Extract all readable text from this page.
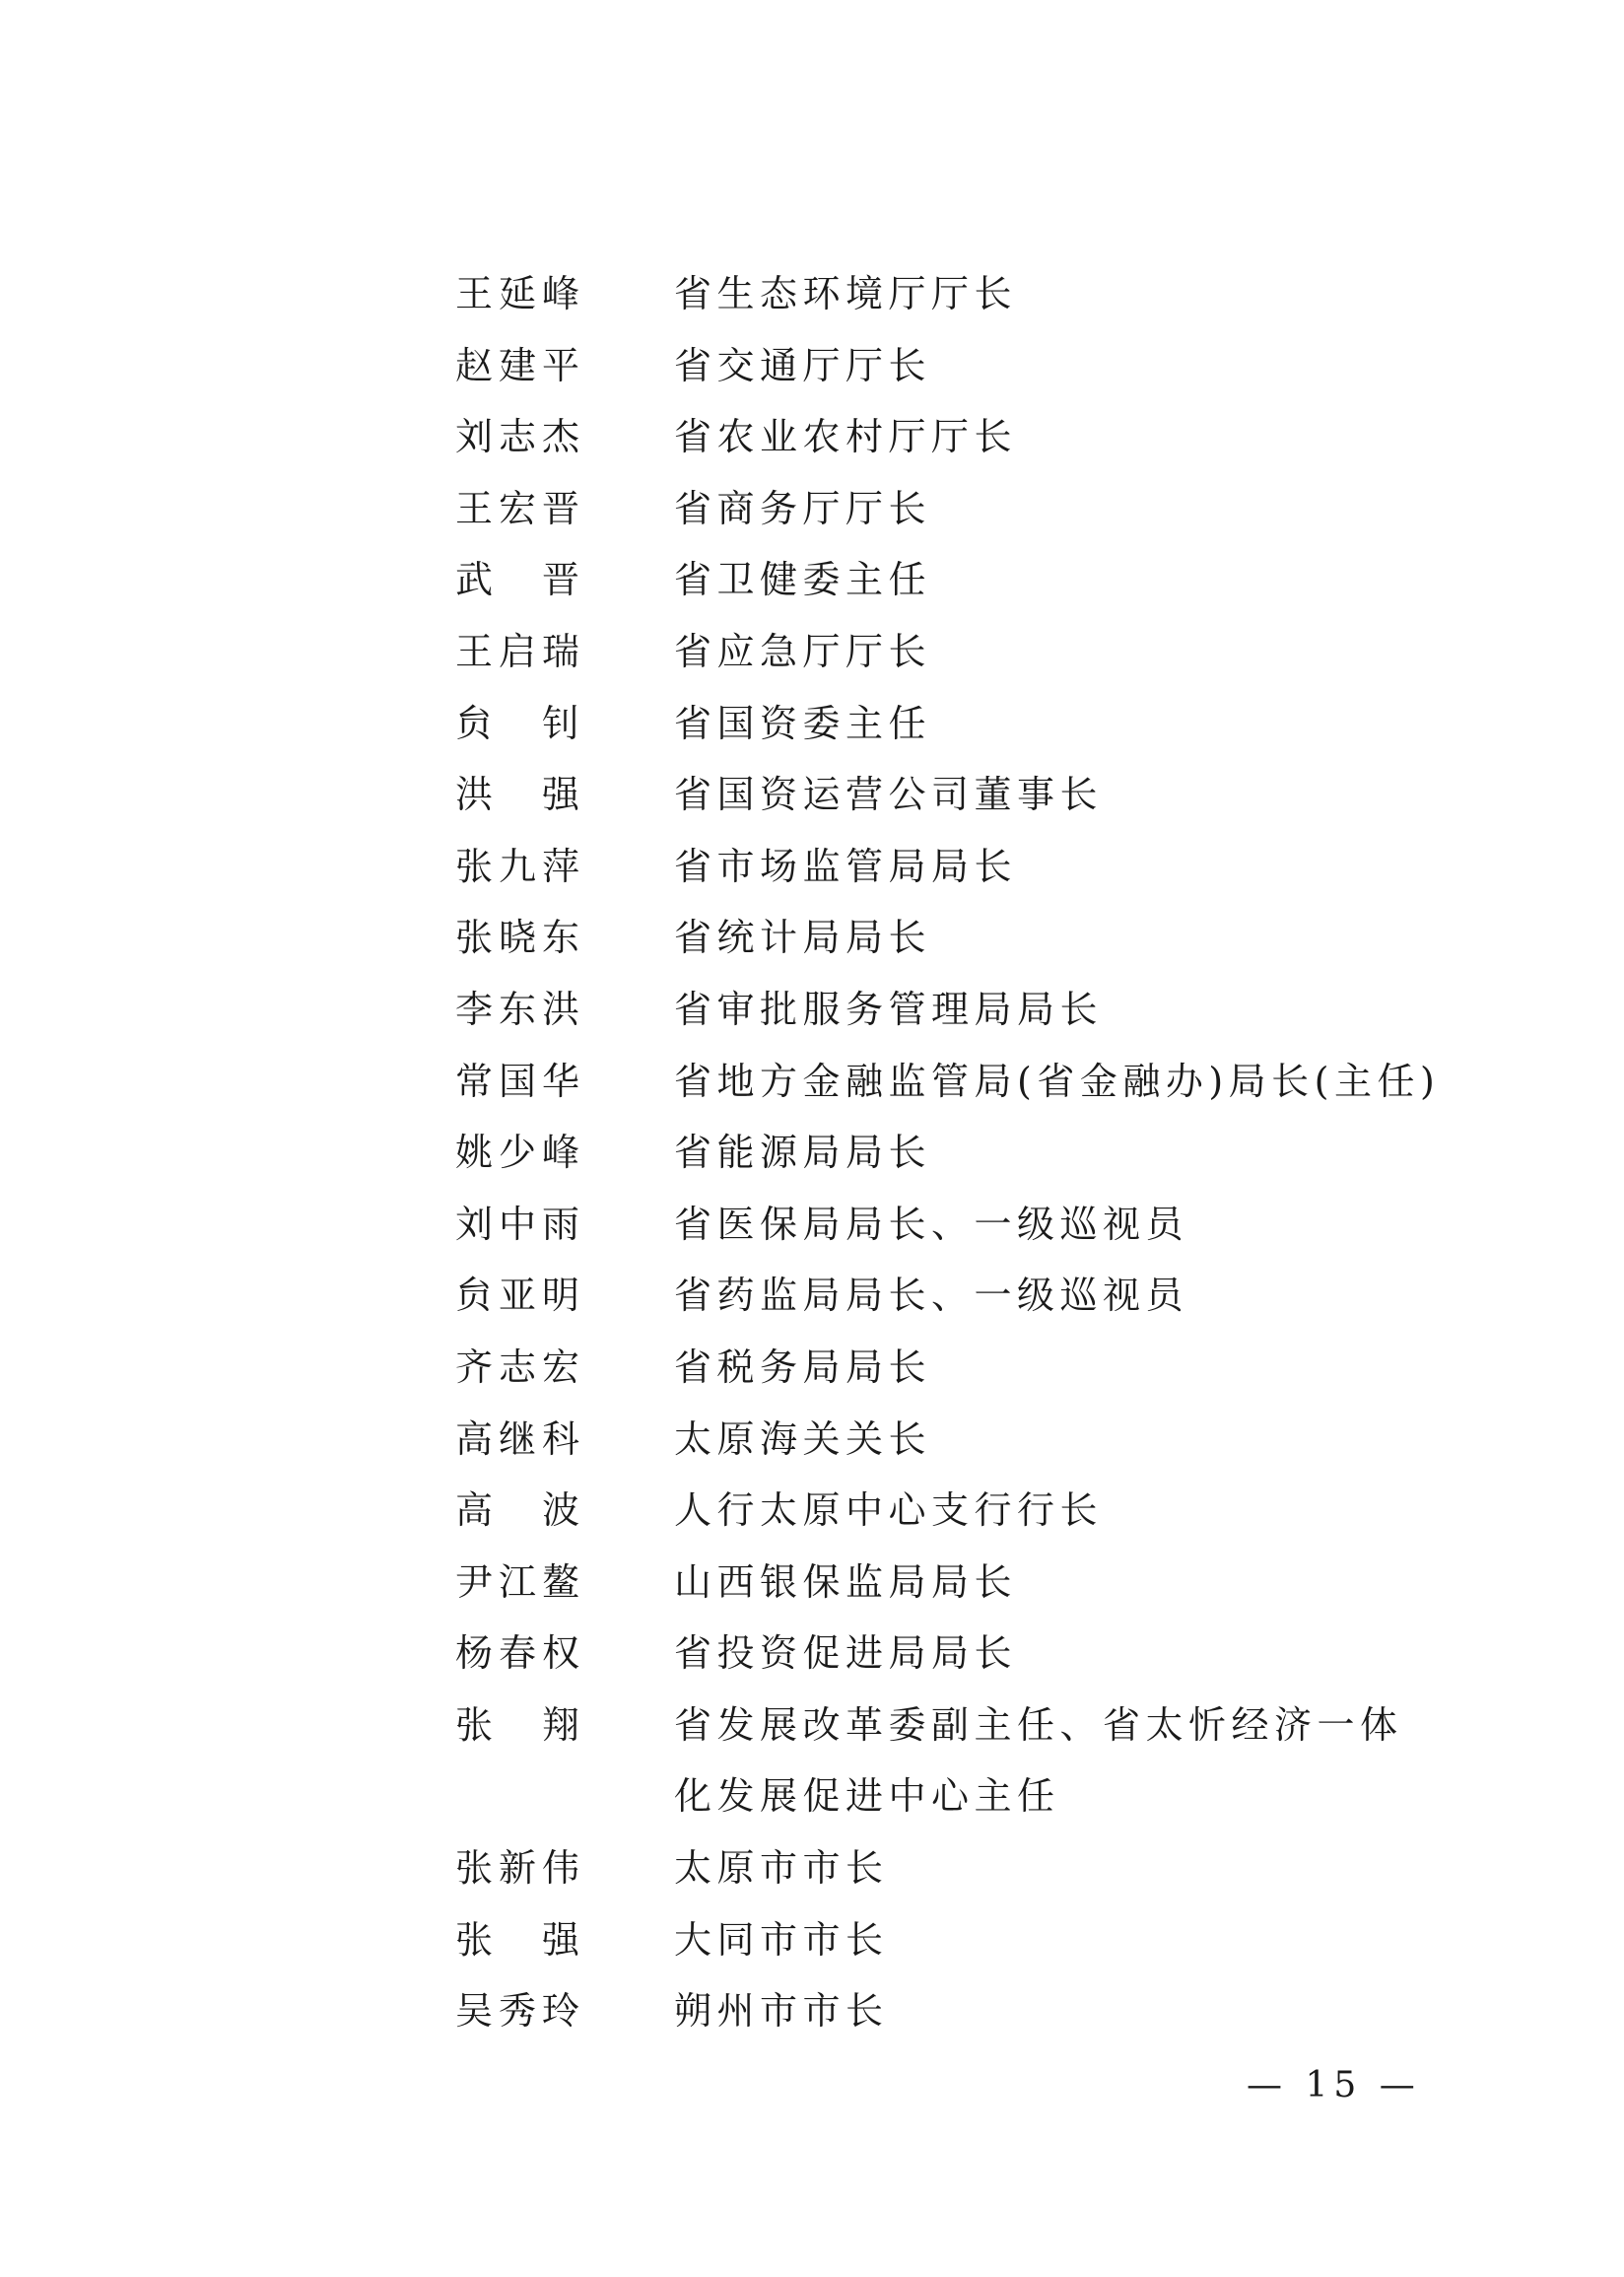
王延峰 省生态环境厅厅长
赵建平 省交通厅厅长
刘志杰 省农业农村厅厅长
王宏晋 省商务厅厅长
武晋 省卫健委主任
王启瑞 省应急厅厅长
贠钊 省国资委主任
洪强 省国资运营公司董事长
张九萍 省市场监管局局长
张晓东 省统计局局长
李东洪 省审批服务管理局局长
常国华 省地方金融监管局(省金融办)局长(主任)
姚少峰 省能源局局长
刘中雨 省医保局局长、一级巡视员
贠亚明 省药监局局长、一级巡视员
齐志宏 省税务局局长
高继科 太原海关关长
高波 人行太原中心支行行长
尹江鳌 山西银保监局局长
杨春权 省投资促进局局长
张翔 省发展改革委副主任、省太忻经济一体化发展促进中心主任
张新伟 太原市市长
张强 大同市市长
吴秀玲 朔州市市长
— 15 —
